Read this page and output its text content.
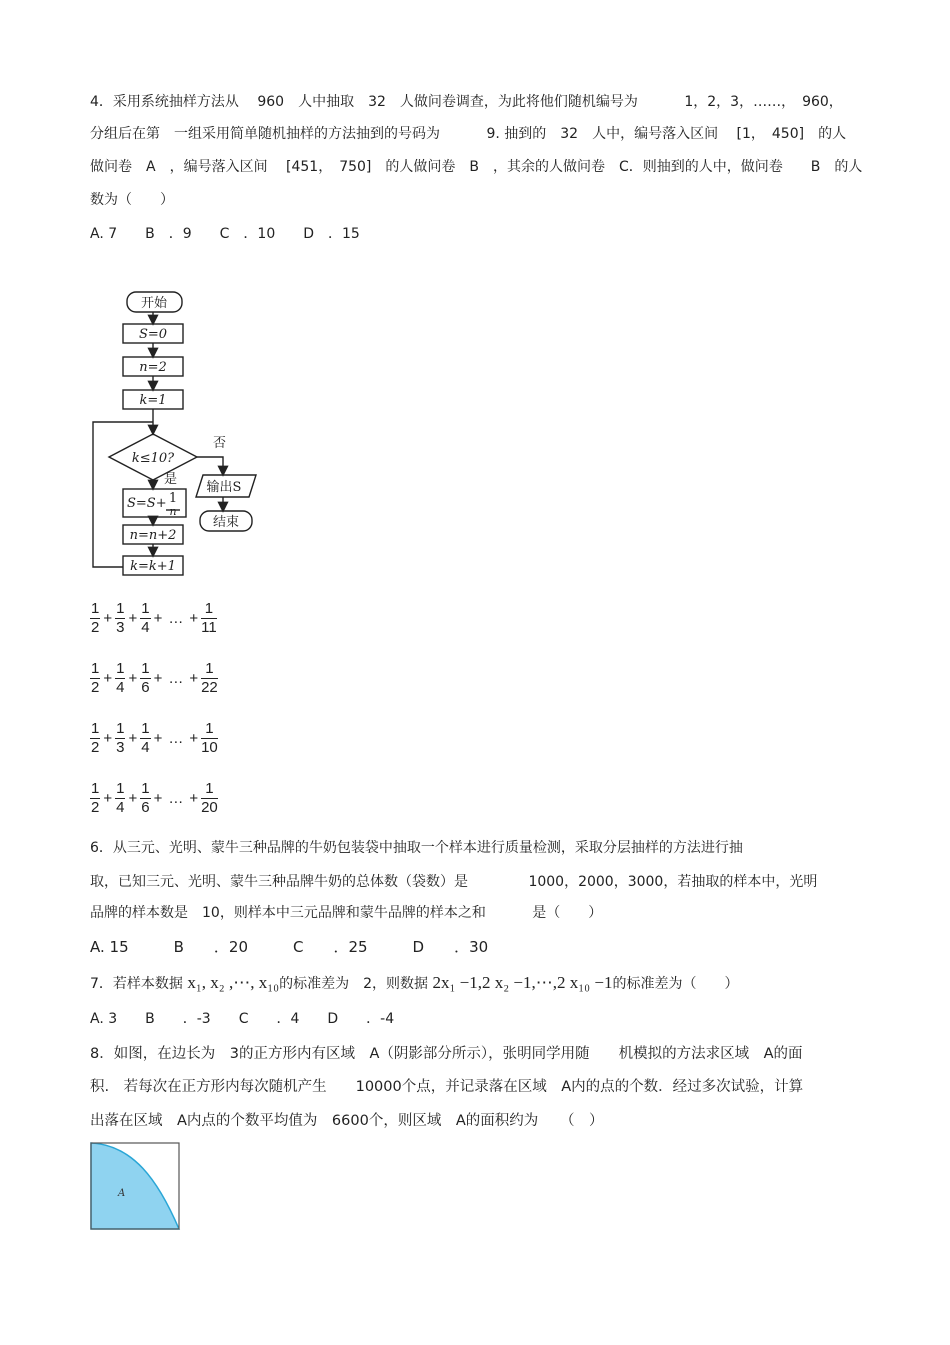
4．采用系统抽样方法从 　960　人中抽取　32　人做问卷调查，为此将他们随机编号为 　　　1，2，3，……，　960，
分组后在第　一组采用简单随机抽样的方法抽到的号码为 　　　9. 抽到的　32　人中，编号落入区间 　[1，　450]　的人
做问卷　A　，编号落入区间 　[451，　750]　的人做问卷　B　，其余的人做问卷　C．则抽到的人中，做问卷　　B　的人
数为（　　）
A. 7　　B　．9　　C　．10　　D　．15
开始
S=0
n=2
k=1
k≤10?
否
是
输出S
结束
S=S+ 1
n
n=n+2
k=k+1
$\frac{1}{2} + \frac{1}{3} + \frac{1}{4}$ + … + $\frac{1}{11}$
$\frac{1}{2} + \frac{1}{4} + \frac{1}{6}$ + … + $\frac{1}{22}$
$\frac{1}{2} + \frac{1}{3} + \frac{1}{4}$ + … + $\frac{1}{10}$
$\frac{1}{2} + \frac{1}{4} + \frac{1}{6}$ + … + $\frac{1}{20}$
6．从三元、光明、蒙牛三种品牌的牛奶包装袋中抽取一个样本进行质量检测，采取分层抽样的方法进行抽
取，已知三元、光明、蒙牛三种品牌牛奶的总体数（袋数）是 　　　　1000，2000，3000，若抽取的样本中，光明
品牌的样本数是　10，则样本中三元品牌和蒙牛品牌的样本之和 　　　是（　　）
A. 15　　　B　　．20　　　C　　．25　　　D　　．30
7．若样本数据 x₁, x₂ ,⋯, x₁₀的标准差为　2，则数据 2x₁ −1,2 x₂ −1,⋯,2 x₁₀ −1的标准差为（　　）
A. 3　　B　　．-3　　C　　．4　　D　　．-4
8．如图，在边长为　3的正方形内有区域　A（阴影部分所示），张明同学用随　　机模拟的方法求区域　A的面
积.　若每次在正方形内每次随机产生　　10000个点，并记录落在区域　A内的点的个数．经过多次试验，计算
出落在区域　A内点的个数平均值为　6600个，则区域　A的面积约为　　（　）
A
